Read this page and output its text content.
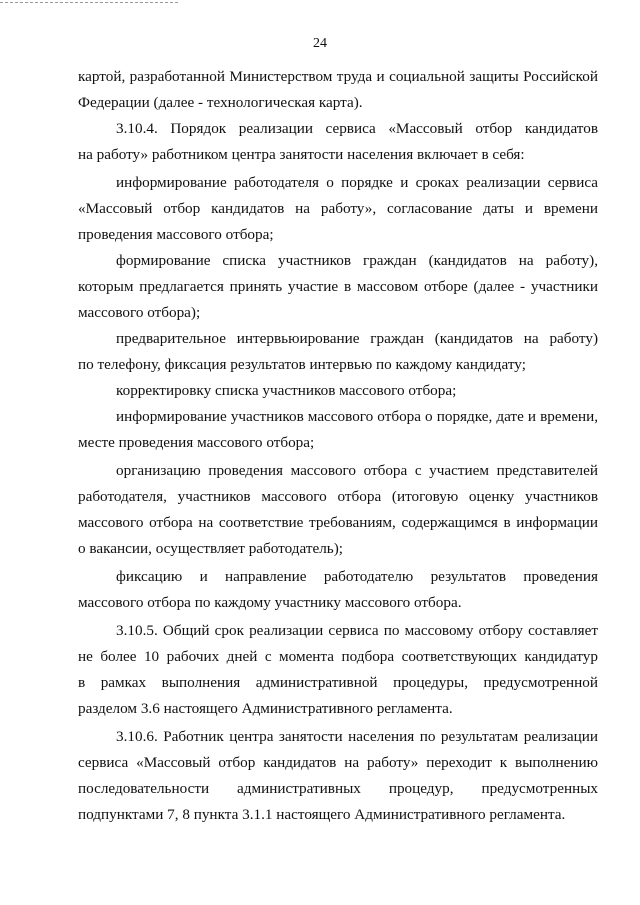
24
картой, разработанной Министерством труда и социальной защиты Российской
Федерации (далее - технологическая карта).
3.10.4. Порядок реализации сервиса «Массовый отбор кандидатов
на работу» работником центра занятости населения включает в себя:
информирование работодателя о порядке и сроках реализации сервиса
«Массовый отбор кандидатов на работу», согласование даты и времени
проведения массового отбора;
формирование списка участников граждан (кандидатов на работу),
которым предлагается принять участие в массовом отборе (далее - участники
массового отбора);
предварительное интервьюирование граждан (кандидатов на работу)
по телефону, фиксация результатов интервью по каждому кандидату;
корректировку списка участников массового отбора;
информирование участников массового отбора о порядке, дате и времени,
месте проведения массового отбора;
организацию проведения массового отбора с участием представителей
работодателя, участников массового отбора (итоговую оценку участников
массового отбора на соответствие требованиям, содержащимся в информации
о вакансии, осуществляет работодатель);
фиксацию и направление работодателю результатов проведения
массового отбора по каждому участнику массового отбора.
3.10.5. Общий срок реализации сервиса по массовому отбору составляет
не более 10 рабочих дней с момента подбора соответствующих кандидатур
в рамках выполнения административной процедуры, предусмотренной
разделом 3.6 настоящего Административного регламента.
3.10.6. Работник центра занятости населения по результатам реализации
сервиса «Массовый отбор кандидатов на работу» переходит к выполнению
последовательности административных процедур, предусмотренных
подпунктами 7, 8 пункта 3.1.1 настоящего Административного регламента.
